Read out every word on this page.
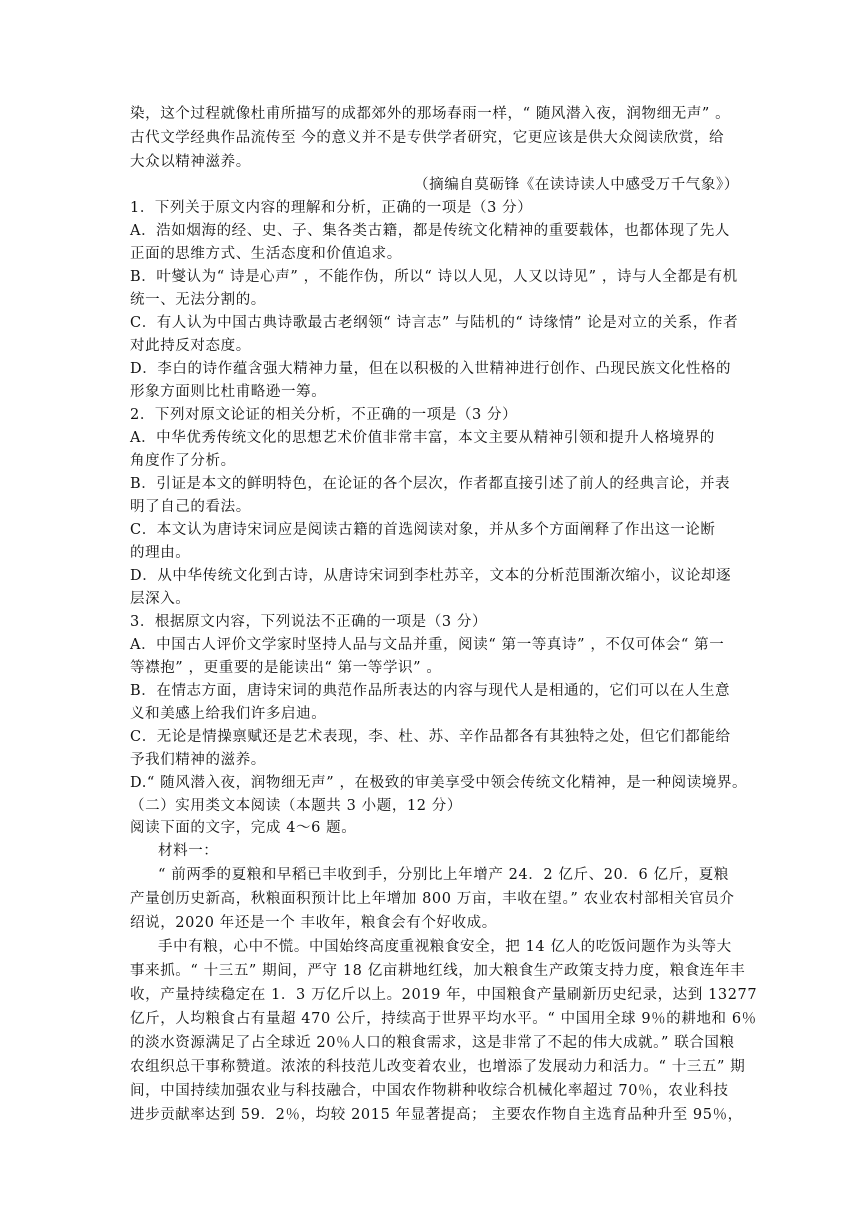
染，这个过程就像杜甫所描写的成都郊外的那场春雨一样，“ 随风潜入夜，润物细无声” 。
古代文学经典作品流传至 今的意义并不是专供学者研究，它更应该是供大众阅读欣赏，给
大众以精神滋养。
（摘编自莫砺锋《在读诗读人中感受万千气象》）
1．下列关于原文内容的理解和分析，正确的一项是（3 分）
A．浩如烟海的经、史、子、集各类古籍，都是传统文化精神的重要载体，也都体现了先人
正面的思维方式、生活态度和价值追求。
B．叶燮认为“ 诗是心声” ，不能作伪，所以“ 诗以人见，人又以诗见” ，诗与人全都是有机
统一、无法分割的。
C．有人认为中国古典诗歌最古老纲领“ 诗言志” 与陆机的“ 诗缘情” 论是对立的关系，作者
对此持反对态度。
D．李白的诗作蕴含强大精神力量，但在以积极的入世精神进行创作、凸现民族文化性格的
形象方面则比杜甫略逊一筹。
2．下列对原文论证的相关分析，不正确的一项是（3 分）
A．中华优秀传统文化的思想艺术价值非常丰富，本文主要从精神引领和提升人格境界的
角度作了分析。
B．引证是本文的鲜明特色，在论证的各个层次，作者都直接引述了前人的经典言论，并表
明了自己的看法。
C．本文认为唐诗宋词应是阅读古籍的首选阅读对象，并从多个方面阐释了作出这一论断
的理由。
D．从中华传统文化到古诗，从唐诗宋词到李杜苏辛，文本的分析范围渐次缩小，议论却逐
层深入。
3．根据原文内容，下列说法不正确的一项是（3 分）
A．中国古人评价文学家时坚持人品与文品并重，阅读“ 第一等真诗” ，不仅可体会“ 第一
等襟抱” ，更重要的是能读出“ 第一等学识” 。
B．在情志方面，唐诗宋词的典范作品所表达的内容与现代人是相通的，它们可以在人生意
义和美感上给我们许多启迪。
C．无论是情操禀赋还是艺术表现，李、杜、苏、辛作品都各有其独特之处，但它们都能给
予我们精神的滋养。
D.“ 随风潜入夜，润物细无声” ，在极致的审美享受中领会传统文化精神，是一种阅读境界。
（二）实用类文本阅读（本题共 3 小题，12 分）
阅读下面的文字，完成 4～6 题。
材料一：
“ 前两季的夏粮和早稻已丰收到手，分别比上年增产 24．2 亿斤、20．6 亿斤，夏粮
产量创历史新高，秋粮面积预计比上年增加 800 万亩，丰收在望。” 农业农村部相关官员介
绍说，2020 年还是一个 丰收年，粮食会有个好收成。
手中有粮，心中不慌。中国始终高度重视粮食安全，把 14 亿人的吃饭问题作为头等大
事来抓。“ 十三五” 期间，严守 18 亿亩耕地红线，加大粮食生产政策支持力度，粮食连年丰
收，产量持续稳定在 1．3 万亿斤以上。2019 年，中国粮食产量刷新历史纪录，达到 13277
亿斤，人均粮食占有量超 470 公斤，持续高于世界平均水平。“ 中国用全球 9％的耕地和 6％
的淡水资源满足了占全球近 20％人口的粮食需求，这是非常了不起的伟大成就。” 联合国粮
农组织总干事称赞道。浓浓的科技范儿改变着农业，也增添了发展动力和活力。“ 十三五” 期
间，中国持续加强农业与科技融合，中国农作物耕种收综合机械化率超过 70％，农业科技
进步贡献率达到 59．2％，均较 2015 年显著提高； 主要农作物自主选育品种升至 95％，
